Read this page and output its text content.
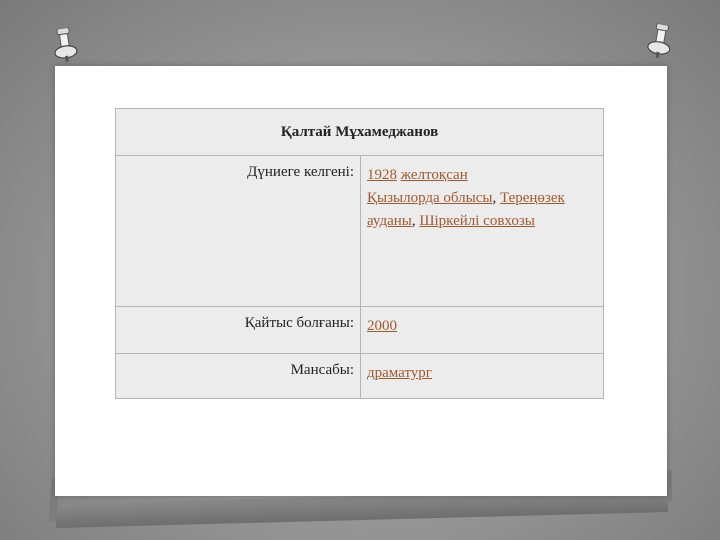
Қалтай Мұхамеджанов	
Дүниеге келгені:	1928 желтоқсан
Қызылорда облысы, Тереңөзек ауданы, Шіркейлі совхозы
Қайтыс болғаны:	2000
Мансабы:	драматург
